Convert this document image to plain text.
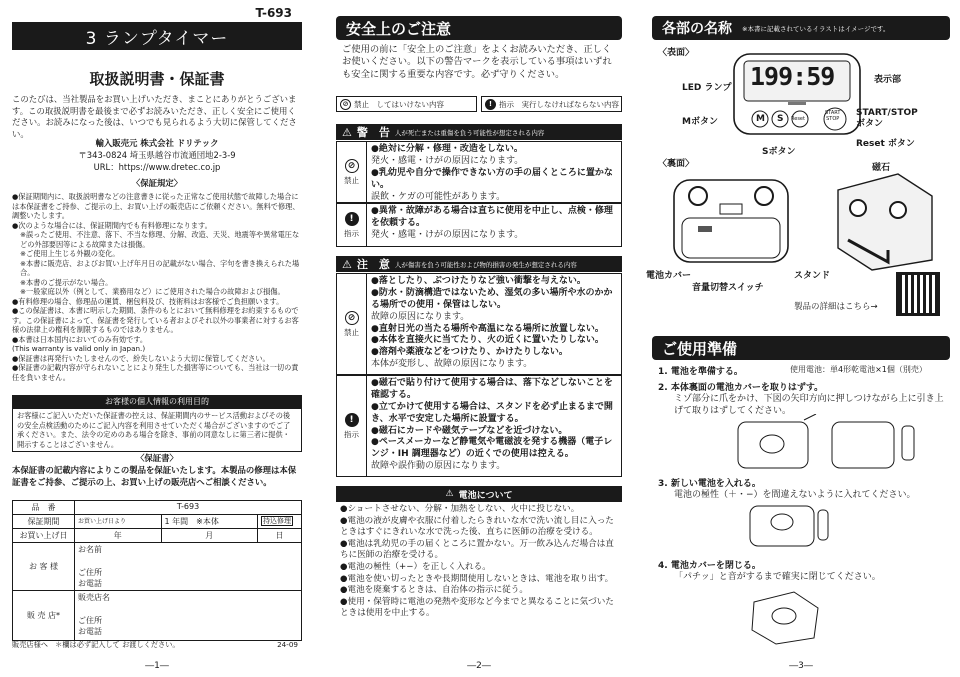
T-693
3 ランプタイマー
取扱説明書・保証書
このたびは、当社製品をお買い上げいただき、まことにありがとうございます。この取扱説明書を最後まで必ずお読みいただき、正しく安全にご使用ください。お読みになった後は、いつでも見られるよう大切に保管してください。
輸入販売元 株式会社 ドリテック
〒343-0824 埼玉県越谷市流通団地2-3-9
URL：https://www.dretec.co.jp
〈保証規定〉
●保証期間内に、取扱説明書などの注意書きに従った正常なご使用状態で故障した場合には本保証書をご持参、ご提示の上、お買い上げの販売店にご依頼ください。無料で修理、調整いたします。
●次のような場合には、保証期間内でも有料修理になります。
※誤ったご使用、不注意、落下、不当な修理、分解、改造、天災、地震等や異常電圧などの外部要因等による故障または損傷。
※ご使用上生じる外観の変化。
※本書に販売店、およびお買い上げ年月日の記載がない場合、字句を書き換えられた場合。
※本書のご提示がない場合。
※一般家庭以外（例として、業務用など）にご使用された場合の故障および損傷。
●有料修理の場合、修理品の運賃、梱包料及び、技術料はお客様でご負担願います。
●この保証書は、本書に明示した期間、条件のもとにおいて無料修理をお約束するものです。この保証書によって、保証書を発行している者およびそれ以外の事業者に対するお客様の法律上の権利を制限するものではありません。
●本書は日本国内においてのみ有効です。
(This warranty is valid only in Japan.)
●保証書は再発行いたしませんので、紛失しないよう大切に保管してください。
●保証書の記載内容が守られないことにより発生した損害等についても、当社は一切の責任を負いません。
お客様の個人情報の利用目的
お客様にご記入いただいた保証書の控えは、保証期間内のサービス活動およびその後の安全点検活動のためにご記入内容を利用させていただく場合がございますのでご了承ください。また、法令の定めのある場合を除き、事前の同意なしに第三者に提供・開示することはございません。
〈保証書〉
本保証書の記載内容によりこの製品を保証いたします。本製品の修理は本保証書をご持参、ご提示の上、お買い上げの販売店へご相談ください。
品　番	T-693		
保証期間	お買い上げ日より	1 年間　 ※本体	持込修理
お買い上げ日	年	月	日
お 客 様	お名前
ご住所
お電話		

販 売 店*	販売店名
ご住所
お電話		
販売店様へ　＊欄は必ず記入して お渡しください。	24-09
―1―
安全上のご注意
ご使用の前に「安全上のご注意」をよくお読みいただき、正しくお使いください。以下の警告マークを表示している事項はいずれも安全に関する重要な内容です。必ず守りください。
⊘ 禁止　してはいけない内容	! 指示　実行しなければならない内容
⚠ 警　告 人が死亡または重傷を負う可能性が想定される内容
⊘
禁止
●絶対に分解・修理・改造をしない。
発火・感電・けがの原因になります。
●乳幼児や自分で操作できない方の手の届くところに置かない。
誤飲・ケガの可能性があります。
!
指示
●異常・故障がある場合は直ちに使用を中止し、点検・修理を依頼する。
発火・感電・けがの原因になります。
⚠ 注　意 人が傷害を負う可能性および物的損害の発生が想定される内容
⊘
禁止
●落としたり、ぶつけたりなど強い衝撃を与えない。
●防水・防滴構造ではないため、湿気の多い場所や水のかかる場所での使用・保管はしない。
故障の原因になります。
●直射日光の当たる場所や高温になる場所に放置しない。
●本体を直接火に当てたり、火の近くに置いたりしない。
●溶剤や薬液などをつけたり、かけたりしない。
本体が変形し、故障の原因になります。
!
指示
●磁石で貼り付けて使用する場合は、落下などしないことを確認する。
●立てかけて使用する場合は、スタンドを必ず止まるまで開き、水平で安定した場所に設置する。
●磁石にカードや磁気テープなどを近づけない。
●ペースメーカーなど静電気や電磁波を発する機器（電子レンジ・IH 調理器など）の近くでの使用は控える。
故障や誤作動の原因になります。
⚠ 電池について
●ショートさせない、分解・加熱をしない、火中に投じない。
●電池の液が皮膚や衣服に付着したらきれいな水で洗い流し目に入ったときはすぐにきれいな水で洗った後、直ちに医師の治療を受ける。
●電池は乳幼児の手の届くところに置かない。万一飲み込んだ場合は直ちに医師の治療を受ける。
●電池の極性（+−）を正しく入れる。
●電池を使い切ったときや長期間使用しないときは、電池を取り出す。
●電池を廃棄するときは、自治体の指示に従う。
●使用・保管時に電池の発熱や変形など今までと異なることに気づいたときは使用を中止する。
―2―
各部の名称 ※本書に記載されているイラストはイメージです。
〈表面〉
199:59
M S Reset
START
STOP
LED ランプ
表示部
Mボタン
START/STOP
ボタン
Reset ボタン
Sボタン
〈裏面〉	磁石
電池カバー
音量切替スイッチ
スタンド
製品の詳細はこちら→
ご使用準備
1. 電池を準備する。	使用電池：単4形乾電池×1個（別売）
2. 本体裏面の電池カバーを取りはずす。
ミゾ部分に爪をかけ、下図の矢印方向に押しつけながら上に引き上げて取りはずしてください。
3. 新しい電池を入れる。
電池の極性（＋・−）を間違えないように入れてください。
4. 電池カバーを閉じる。
「パチッ」と音がするまで確実に閉じてください。
―3―
